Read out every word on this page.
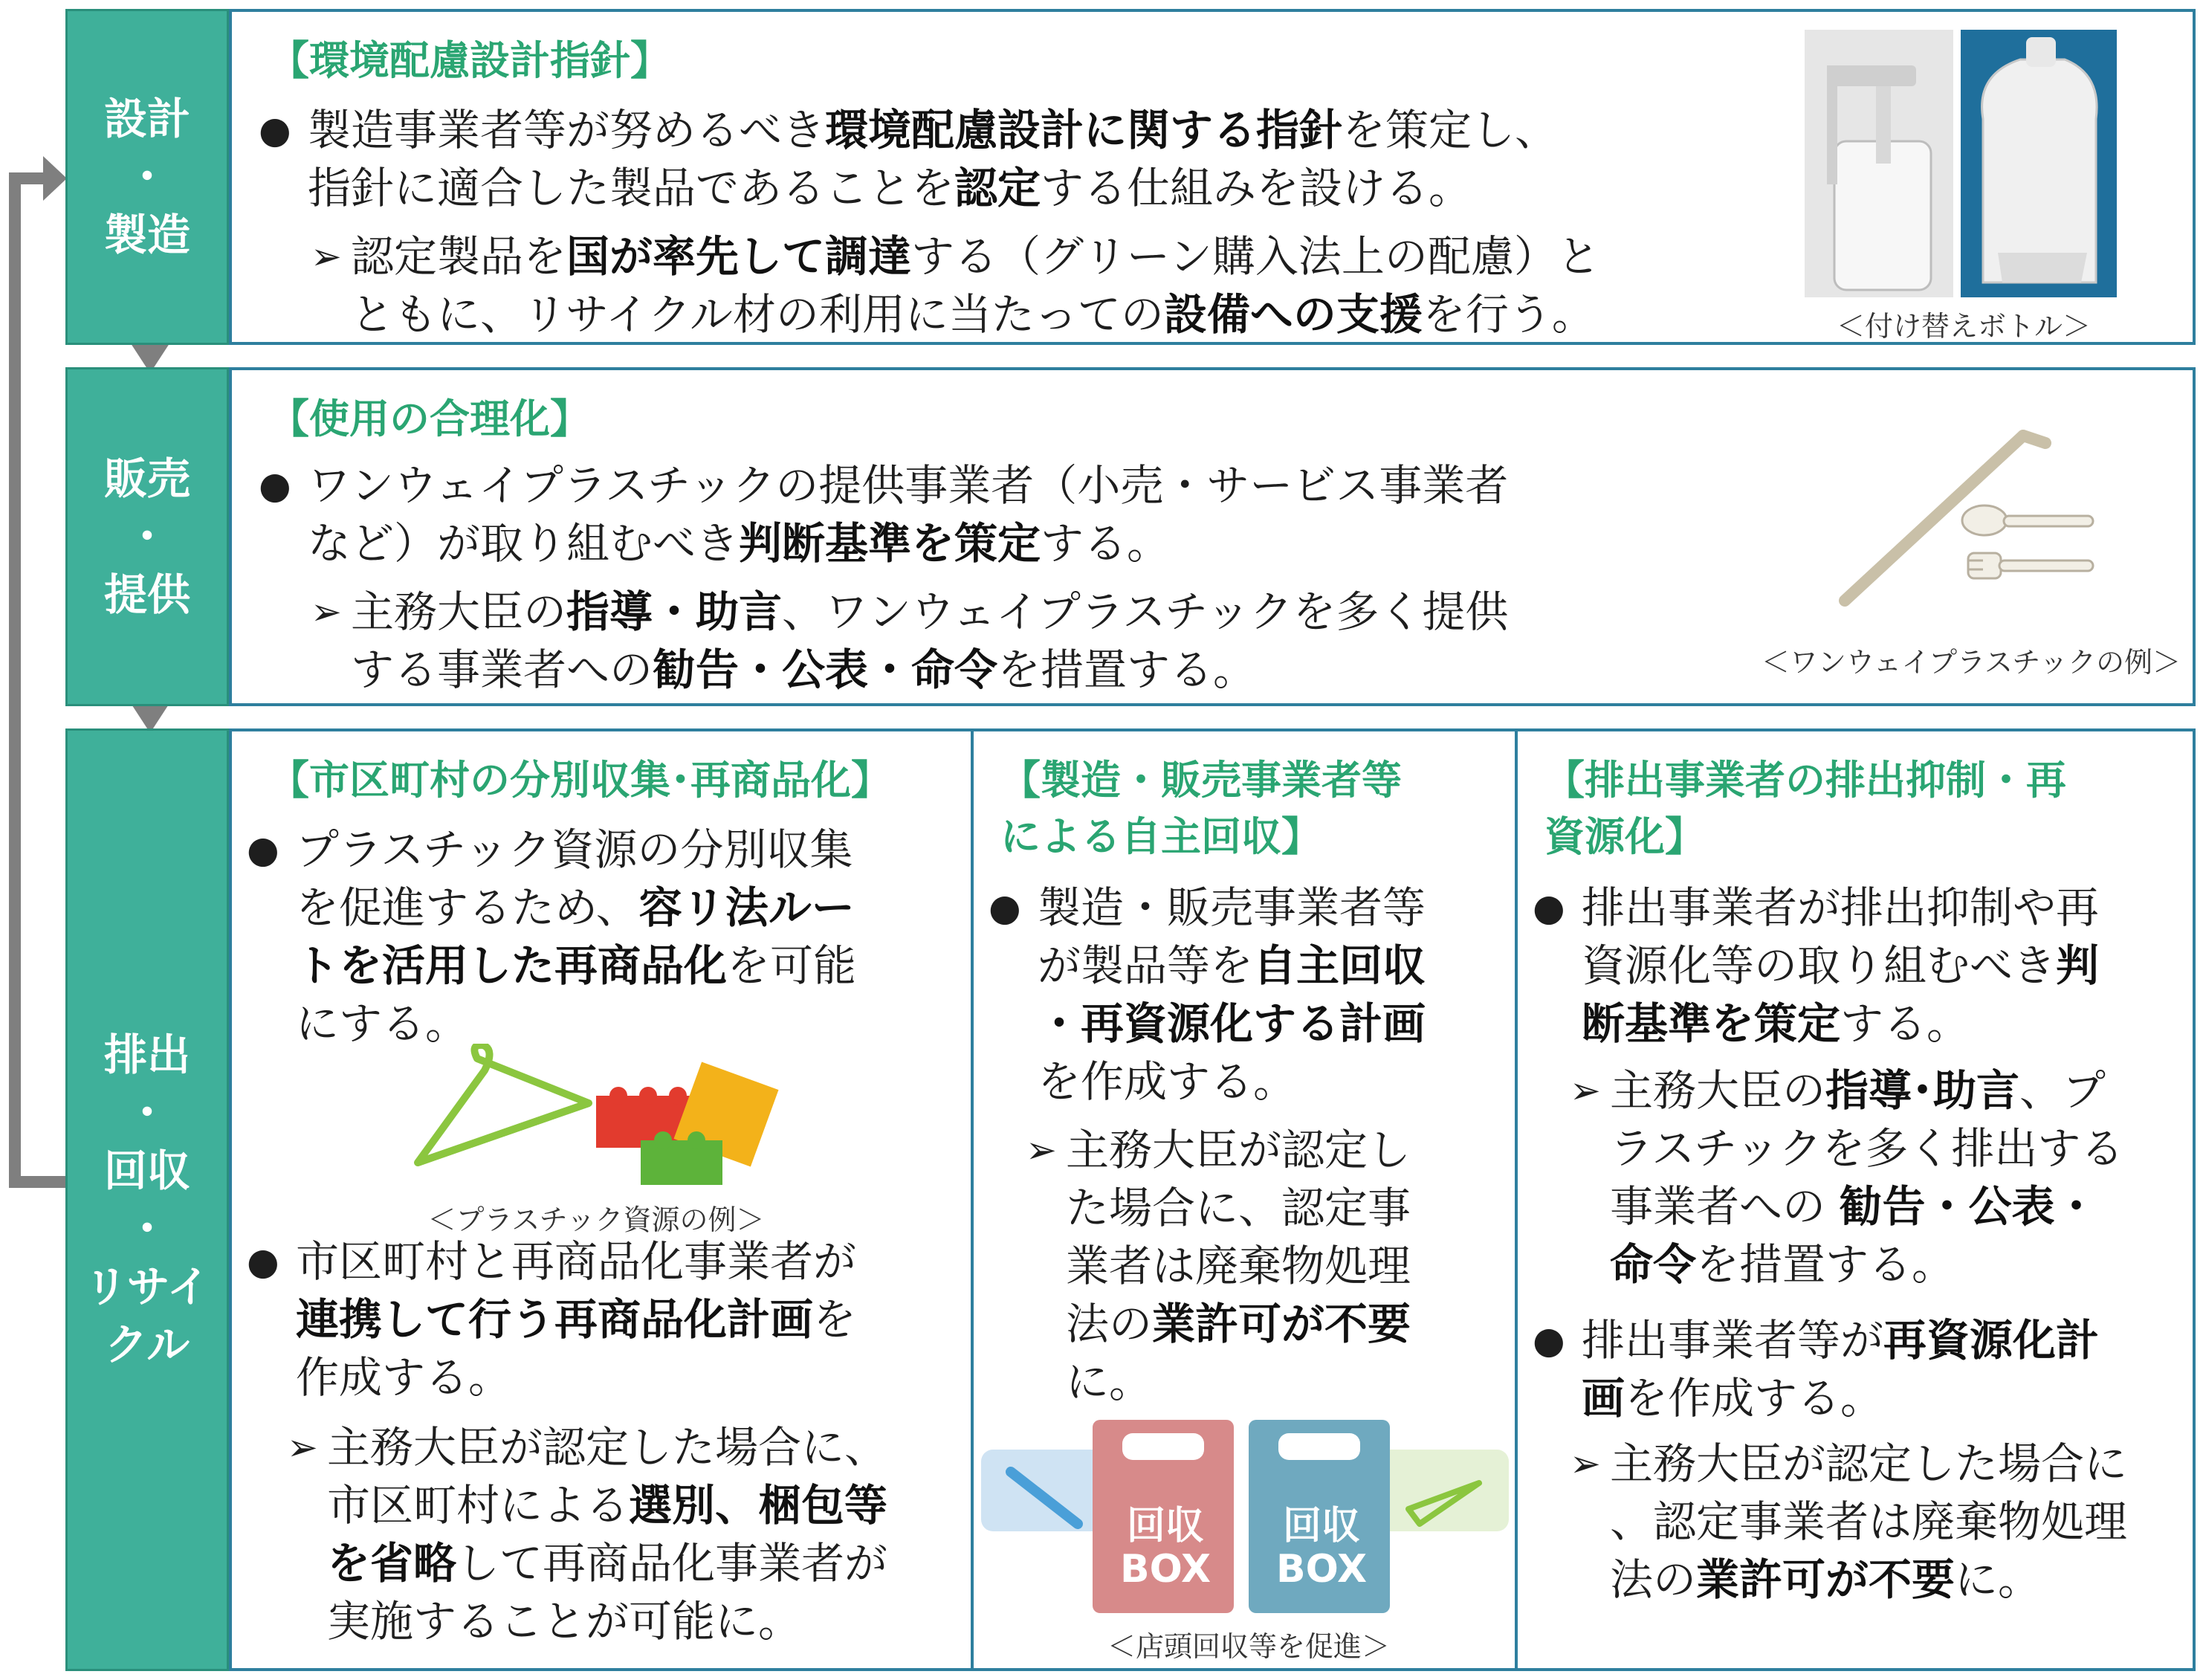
設計
・
製造
【環境配慮設計指針】
● 製造事業者等が努めるべき環境配慮設計に関する指針を策定し、
指針に適合した製品であることを認定する仕組みを設ける。
➢ 認定製品を国が率先して調達する（グリーン購入法上の配慮）と
ともに、リサイクル材の利用に当たっての設備への支援を行う。	＜付け替えボトル＞
販売
・
提供
【使用の合理化】
● ワンウェイプラスチックの提供事業者（小売・サービス事業者
など）が取り組むべき判断基準を策定する。
➢ 主務大臣の指導・助言、ワンウェイプラスチックを多く提供
する事業者への勧告・公表・命令を措置する。	＜ワンウェイプラスチックの例＞
排出
・
回収
・
リサイ
クル
【市区町村の分別収集･再商品化】
● プラスチック資源の分別収集
を促進するため、容リ法ルー
トを活用した再商品化を可能
にする。
＜プラスチック資源の例＞
● 市区町村と再商品化事業者が
連携して行う再商品化計画を
作成する。
➢ 主務大臣が認定した場合に、
市区町村による選別、梱包等
を省略して再商品化事業者が
実施することが可能に。
【製造・販売事業者等
による自主回収】
● 製造・販売事業者等
が製品等を自主回収
・再資源化する計画
を作成する。
➢ 主務大臣が認定し
た場合に、認定事
業者は廃棄物処理
法の業許可が不要
に。
回収
BOX
回収
BOX
＜店頭回収等を促進＞
【排出事業者の排出抑制・再
資源化】
● 排出事業者が排出抑制や再
資源化等の取り組むべき判
断基準を策定する。
➢ 主務大臣の指導･助言、プ
ラスチックを多く排出する
事業者への 勧告・公表・
命令を措置する。
● 排出事業者等が再資源化計
画を作成する。
➢ 主務大臣が認定した場合に
、認定事業者は廃棄物処理
法の業許可が不要に。
